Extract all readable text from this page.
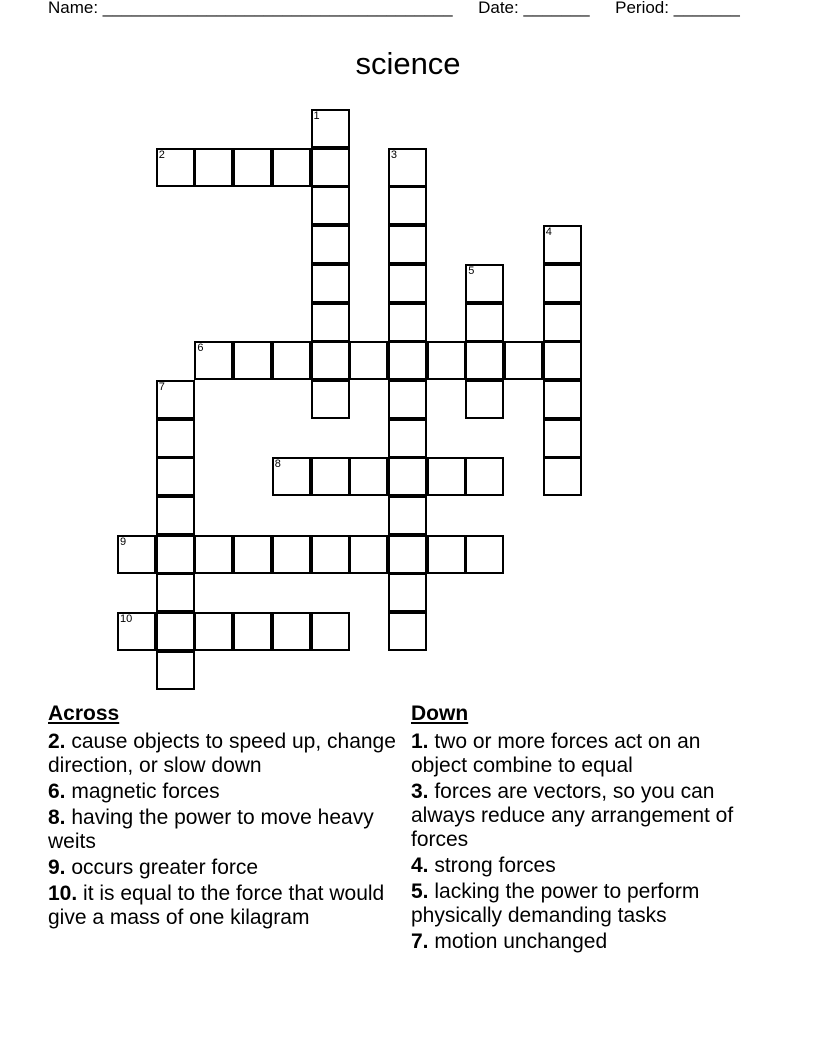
Name: _____________________________________ Date: _______ Period: _______
science
1
2	3
4
5
6
7
8
9
10
Across
2. cause objects to speed up, change direction, or slow down
6. magnetic forces
8. having the power to move heavy weits
9. occurs greater force
10. it is equal to the force that would give a mass of one kilagram
Down
1. two or more forces act on an object combine to equal
3. forces are vectors, so you can always reduce any arrangement of forces
4. strong forces
5. lacking the power to perform physically demanding tasks
7. motion unchanged
